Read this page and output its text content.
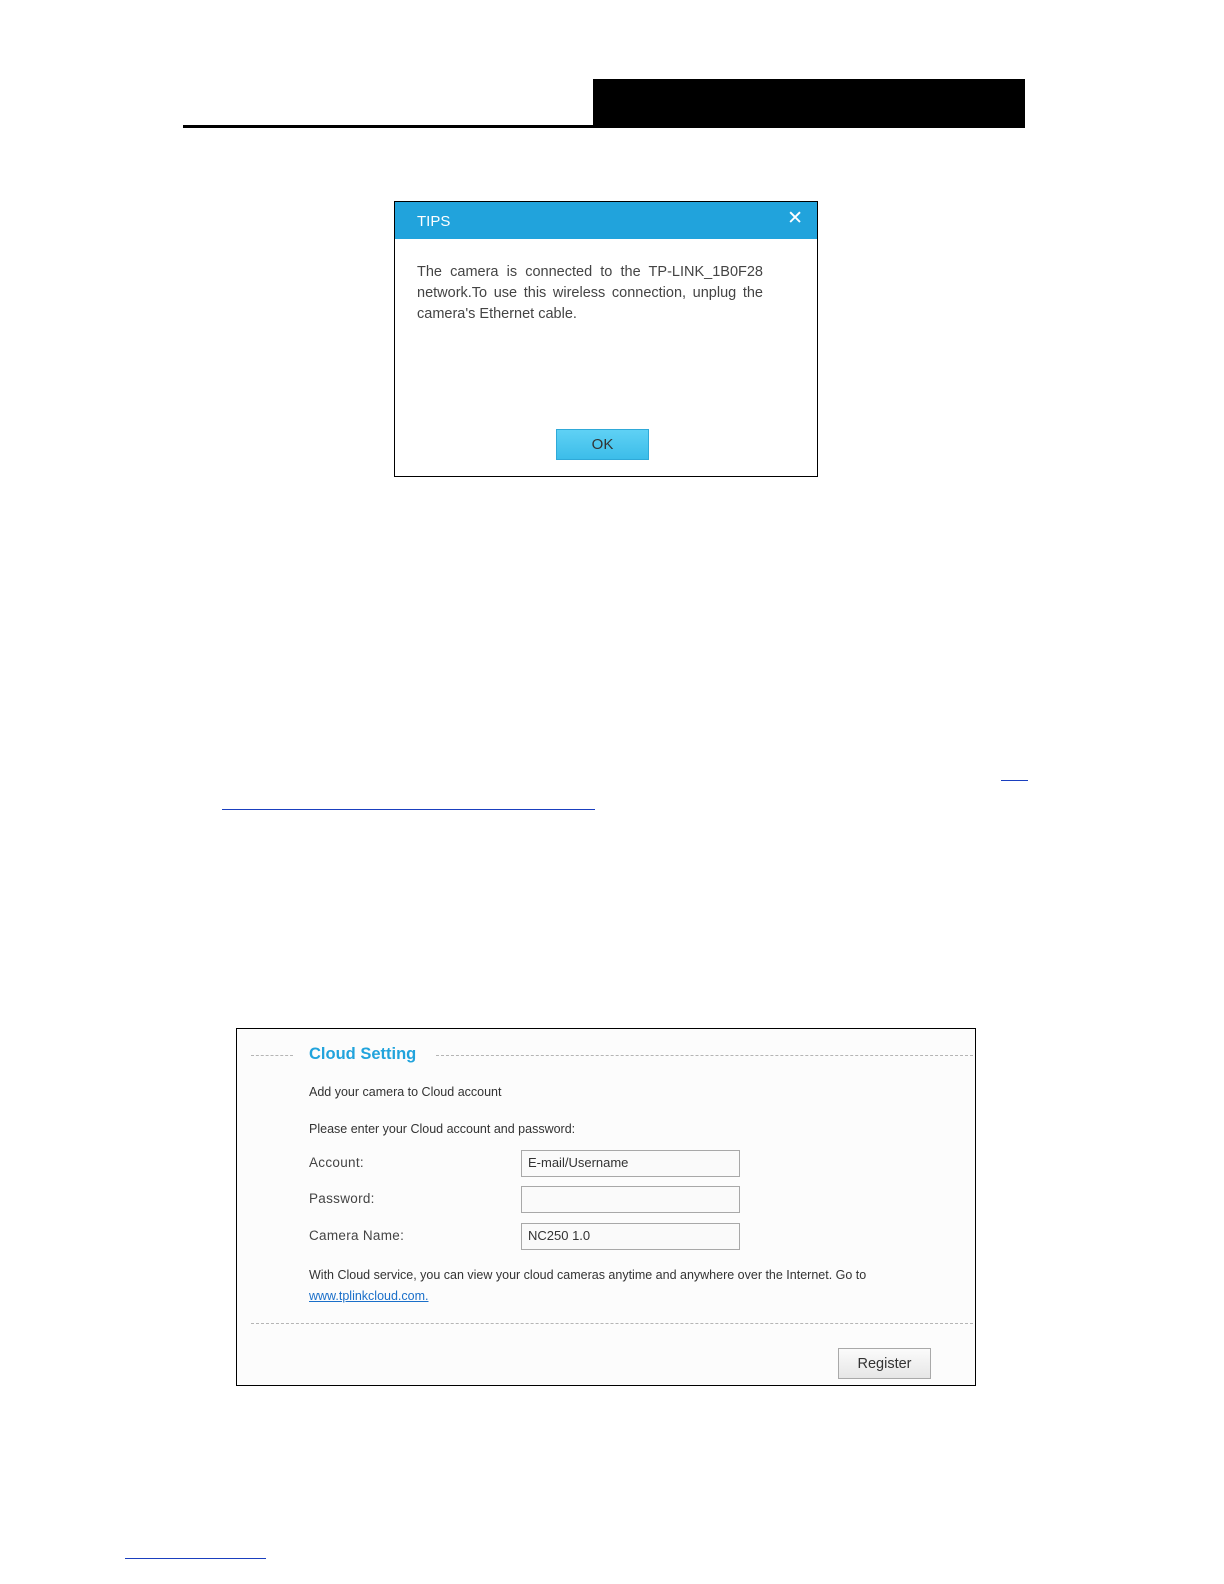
TIPS	✕
The camera is connected to the TP-LINK_1B0F28 network.To use this wireless connection, unplug the camera's Ethernet cable.
OK
Cloud Setting
Add your camera to Cloud account
Please enter your Cloud account and password:
Account:	E-mail/Username
Password:
Camera Name:	NC250 1.0
With Cloud service, you can view your cloud cameras anytime and anywhere over the Internet. Go to
www.tplinkcloud.com.
Register
